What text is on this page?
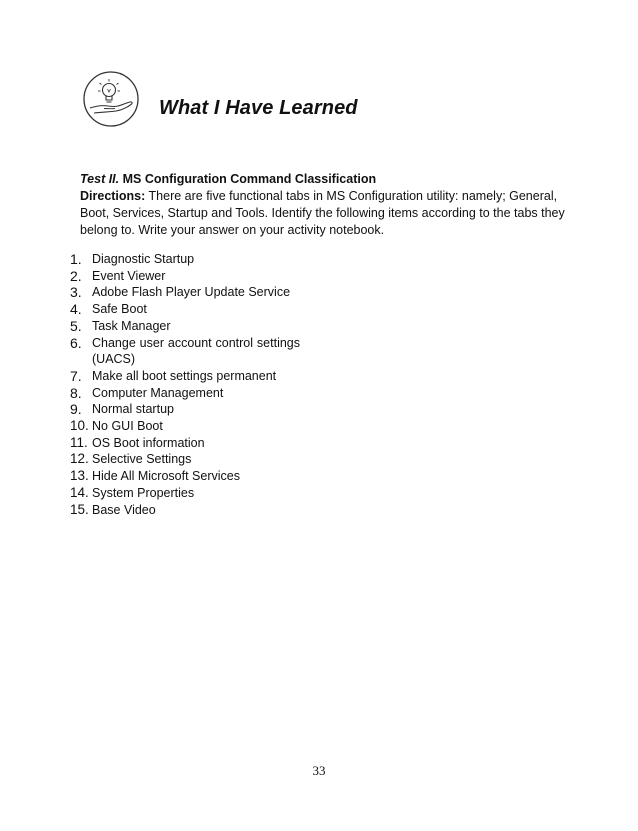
What I Have Learned

Test II. MS Configuration Command Classification

Directions: There are five functional tabs in MS Configuration utility: namely; General, Boot, Services, Startup and Tools. Identify the following items according to the tabs they belong to. Write your answer on your activity notebook.

1. Diagnostic Startup
2. Event Viewer
3. Adobe Flash Player Update Service
4. Safe Boot
5. Task Manager
6. Change user account control settings (UACS)
7. Make all boot settings permanent
8. Computer Management
9. Normal startup
10. No GUI Boot
11. OS Boot information
12. Selective Settings
13. Hide All Microsoft Services
14. System Properties
15. Base Video

33
